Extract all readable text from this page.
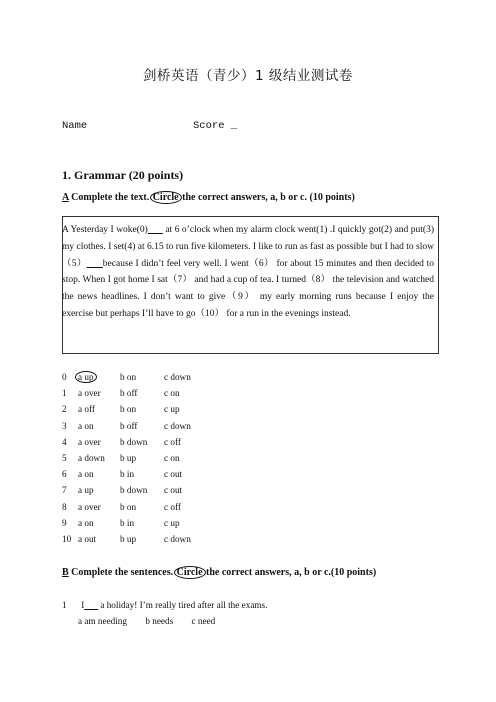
剑桥英语（青少）1 级结业测试卷
Name	Score _
1. Grammar (20 points)
A Complete the text. Circle the correct answers, a, b or c. (10 points)
A Yesterday I woke(0)       at 6 o’clock when my alarm clock went(1) .I quickly got(2) and put(3) my clothes. I set(4) at 6.15 to run five kilometers. I like to run as fast as possible but I had to slow（5） because I didn’t feel very well. I went（6） for about 15 minutes and then decided to stop. When I got home I sat（7） and had a cup of tea. I turned（8） the television and watched the news headlines. I don’t want to give（9） my early morning runs because I enjoy the exercise but perhaps I’ll have to go（10） for a run in the evenings instead.
0	a up	b on	c down
1 a over b off	c on
2 a off	b on	c up
3 a on	b off	c down
4 a over b down c off
5 a down b up	c on
6 a on	b in	c out
7 a up	b down c out
8 a over b on	c off
9 a on	b in	c up
10 a out	b up	c down
B Complete the sentences. Circle the correct answers, a, b or c.(10 points)
1 I       a holiday! I’m really tired after all the exams.
a am needing        b needs        c need
